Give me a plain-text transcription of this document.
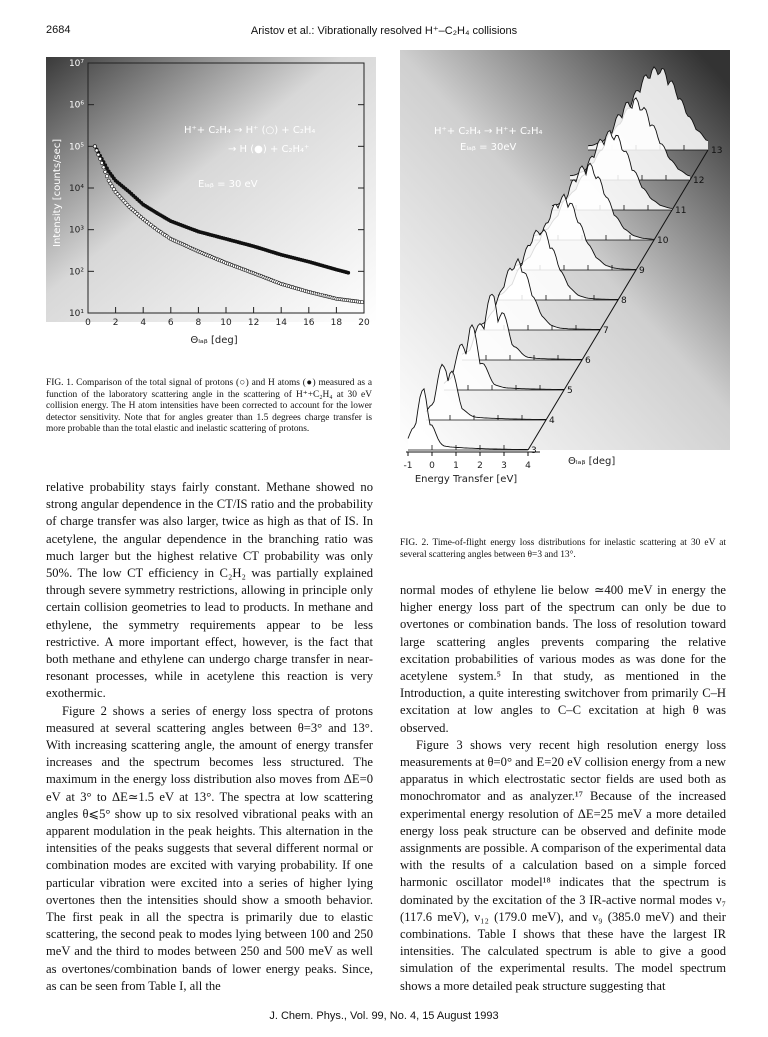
2684	Aristov et al.: Vibrationally resolved H⁺–C₂H₄ collisions
0 2 4 6 8 10 12 14 16 18 20
10¹
10²
10³
10⁴
10⁵
10⁶
10⁷
Intensity [counts/sec]
H⁺+ C₂H₄ → H⁺ (○) + C₂H₄
→ H (●) + C₂H₄⁺
Eₗₐᵦ = 30 eV
Θₗₐᵦ [deg]
FIG. 1. Comparison of the total signal of protons (○) and H atoms (●) measured as a function of the laboratory scattering angle in the scattering of H⁺+C₂H₄ at 30 eV collision energy. The H atom intensities have been corrected to account for the lower detector sensitivity. Note that for angles greater than 1.5 degrees charge transfer is more probable than the total elastic and inelastic scattering of protons.
13
12
11
10
9
8
7
6
5
4
3
-1 0 1 2 3 4
H⁺+ C₂H₄ → H⁺+ C₂H₄
Eₗₐᵦ = 30eV
Θₗₐᵦ [deg]
Energy Transfer [eV]
FIG. 2. Time-of-flight energy loss distributions for inelastic scattering at 30 eV at several scattering angles between θ=3 and 13°.

relative probability stays fairly constant. Methane showed no strong angular dependence in the CT/IS ratio and the probability of charge transfer was also larger, twice as high as that of IS. In acetylene, the angular dependence in the branching ratio was much larger but the highest relative CT probability was only 50%. The low CT efficiency in C₂H₂ was partially explained through severe symmetry restrictions, allowing in principle only certain collision geometries to lead to products. In methane and ethylene, the symmetry requirements appear to be less restrictive. A more important effect, however, is the fact that both methane and ethylene can undergo charge transfer in near-resonant processes, while in acetylene this reaction is very exothermic.

Figure 2 shows a series of energy loss spectra of protons measured at several scattering angles between θ=3° and 13°. With increasing scattering angle, the amount of energy transfer increases and the spectrum becomes less structured. The maximum in the energy loss distribution also moves from ΔE=0 eV at 3° to ΔE≃1.5 eV at 13°. The spectra at low scattering angles θ⩽5° show up to six resolved vibrational peaks with an apparent modulation in the peak heights. This alternation in the intensities of the peaks suggests that several different normal or combination modes are excited with varying probability. If one particular vibration were excited into a series of higher lying overtones then the intensities should show a smooth behavior. The first peak in all the spectra is primarily due to elastic scattering, the second peak to modes lying between 100 and 250 meV and the third to modes between 250 and 500 meV as well as overtones/combination bands of lower energy peaks. Since, as can be seen from Table I, all the

normal modes of ethylene lie below ≃400 meV in energy the higher energy loss part of the spectrum can only be due to overtones or combination bands. The loss of resolution toward large scattering angles prevents comparing the relative excitation probabilities of various modes as was done for the acetylene system.⁵ In that study, as mentioned in the Introduction, a quite interesting switchover from primarily C–H excitation at low angles to C–C excitation at high θ was observed.

Figure 3 shows very recent high resolution energy loss measurements at θ=0° and E=20 eV collision energy from a new apparatus in which electrostatic sector fields are used both as monochromator and as analyzer.¹⁷ Because of the increased experimental energy resolution of ΔE=25 meV a more detailed energy loss peak structure can be observed and definite mode assignments are possible. A comparison of the experimental data with the results of a calculation based on a simple forced harmonic oscillator model¹⁸ indicates that the spectrum is dominated by the excitation of the 3 IR-active normal modes ν₇ (117.6 meV), ν₁₂ (179.0 meV), and ν₉ (385.0 meV) and their combinations. Table I shows that these have the largest IR intensities. The calculated spectrum is able to give a good simulation of the experimental results. The model spectrum shows a more detailed peak structure suggesting that

J. Chem. Phys., Vol. 99, No. 4, 15 August 1993
